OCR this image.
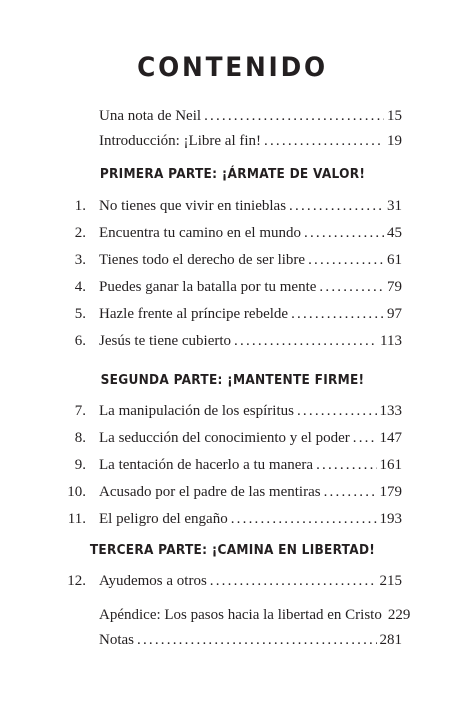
CONTENIDO
Una nota de Neil .....	15
Introducción: ¡Libre al fin! .....	19
PRIMERA PARTE: ¡ÁRMATE DE VALOR!
1. No tienes que vivir en tinieblas .....	31
2. Encuentra tu camino en el mundo .....	45
3. Tienes todo el derecho de ser libre .....	61
4. Puedes ganar la batalla por tu mente .....	79
5. Hazle frente al príncipe rebelde .....	97
6. Jesús te tiene cubierto .....	113
SEGUNDA PARTE: ¡MANTENTE FIRME!
7. La manipulación de los espíritus .....	133
8. La seducción del conocimiento y el poder ..... 147
9. La tentación de hacerlo a tu manera .....	161
10. Acusado por el padre de las mentiras .....	179
11. El peligro del engaño .....	193
TERCERA PARTE: ¡CAMINA EN LIBERTAD!
12. Ayudemos a otros .....	215
Apéndice: Los pasos hacia la libertad en Cristo 229
Notas .....	281
